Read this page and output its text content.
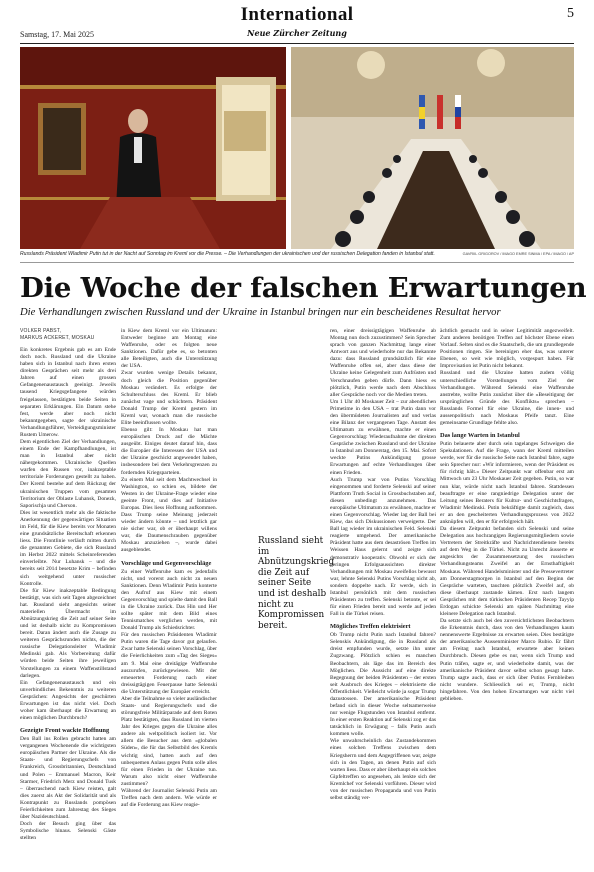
Samstag, 17. Mai 2025
International
Neue Zürcher Zeitung
5
Russlands Präsident Wladimir Putin tut in der Nacht auf Sonntag im Kreml vor die Presse. – Die Verhandlungen der ukrainischen und der russischen Delegation fanden in Istanbul statt.	GAVRIIL GRIGOROV / IMAGO EMRE SINMA / EPA / IMAGO / AP
Die Woche der falschen Erwartungen
Die Verhandlungen zwischen Russland und der Ukraine in Istanbul bringen nur ein bescheidenes Resultat hervor
VOLKER PABST,
MARKUS ACKERET, MOSKAU

Ein konkretes Ergebnis gab es am Ende doch noch. Russland und die Ukraine haben sich in Istanbul nach ihren ersten direkten Gesprächen seit mehr als drei Jahren auf einen grossen Gefangenenaustausch geeinigt. Jeweils tausend Kriegsgefangene würden freigelassen, bestätigten beide Seiten in separaten Erklärungen. Ein Datum stehe fest, werde aber noch nicht bekanntgegeben, sagte der ukrainische Verhandlungsführer, Verteidigungsminister Rustem Umerow.

Dem eigentlichen Ziel der Verhandlungen, einem Ende der Kampfhandlungen, ist man in Istanbul aber nicht nähergekommen. Ukrainische Quellen warfen den Russen vor, inakzeptable territoriale Forderungen gestellt zu haben. Der Kreml bestehe auf dem Rückzug der ukrainischen Truppen vom gesamten Territorium der Oblaste Luhansk, Donezk, Saporischja und Cherson.

Dies ist wesentlich mehr als die faktische Anerkennung der gegenwärtigen Situation im Feld, für die Kiew bereits vor Monaten eine grundsätzliche Bereitschaft erkennen liess. Die Frontlinie verläuft mitten durch die genannten Gebiete, die sich Russland im Herbst 2022 mittels Scheinreferenden einverleibte. Nur Luhansk – und die bereits seit 2014 besetzte Krim – befinden sich weitgehend unter russischer Kontrolle.

Die für Kiew inakzeptable Bedingung bestätigt, was sich seit Tagen abgezeichnet hat. Russland sieht angesichts seiner materiellen Übermacht im Abnützungskrieg die Zeit auf seiner Seite und ist deshalb nicht zu Kompromissen bereit. Daran ändert auch die Zusage zu weiteren Gesprächsrunden nichts, die der russische Delegationsleiter Wladimir Medinski gab. Als Vorbereitung dafür würden beide Seiten ihre jeweiligen Vorstellungen zu einem Waffenstillstand darlegen.

Ein Gefangenenaustausch und ein unverbindliches Bekenntnis zu weiteren Gesprächen: Angesichts der geschürten Erwartungen ist das nicht viel. Doch woher kam überhaupt die Erwartung an einen möglichen Durchbruch?

Gezeigte Front wackte Hoffnung

Den Ball ins Rollen gebracht hatten am vergangenen Wochenende die wichtigsten europäischen Partner der Ukraine. Als die Staats- und Regierungschefs von Frankreich, Grossbritannien, Deutschland und Polen – Emmanuel Macron, Keir Starmer, Friedrich Merz und Donald Tusk – überraschend nach Kiew reisten, galt dies zuerst als Akt der Solidarität und als Kontrapunkt zu Russlands pompösen Feierlichkeiten zum Jahrestag des Sieges über Nazideutschland.

Doch der Besuch ging über das Symbolische hinaus. Selenski Gäste stellten

in Kiew dem Kreml vor ein Ultimatum: Entweder beginne am Montag eine Waffenruhe, oder es folgten neue Sanktionen. Dafür gebe es, so betonten alle Beteiligten, auch die Unterstützung der USA.

Zwar wurden wenige Details bekannt, doch gleich die Position gegenüber Moskau verändert. Es erfolgte der Schulterschluss des Kreml. Er blieb zunächst vage und schüchtern. Präsident Donald Trump der Kreml gestern im Kreml war, wonach man die russische Elite beeinflussen wollte.

Ebenso gilt: In Moskau hat man europäischen Druck auf die Mächte ausgeübt. Einiges deutet darauf hin, dass die Europäer die Interessen der USA und der Ukraine geschickt angewendet haben, insbesondere bei dem Verkehrsgrenzen zu fordernden Kriegsparteien.

Zu einem Mal seit dem Machtwechsel in Washington, so schien es, bildete der Westen in der Ukraine-Frage wieder eine geeinte Front, und dies auf Initiative Europas. Dies liess Hoffnung aufkommen. Dass Trump seine Meinung jederzeit wieder ändern könnte – und letztlich gar nie sicher war, ob er überhaupt willens war, die Daumenschrauben gegenüber Moskau anzuziehen –, wurde dabei ausgeblendet.

Vorschläge und Gegenvorschläge

Zu einer Waffenruhe kam es jedenfalls nicht, und vorerst auch nicht zu neuen Sanktionen. Denn Wladimir Putin konterte den Aufruf aus Kiew mit einem Gegenvorschlag und spielte damit den Ball in die Ukraine zurück. Das Hin und Her sollte später mit dem Bild eines Tennismatches verglichen werden, mit Donald Trump als Schiedsrichter.

Für den russischen Präsidenten Wladimir Putin waren die Tage davor gut gelaufen. Zwar hatte Selenski seinen Vorschlag, über die Feierlichkeiten zum «Tag des Sieges» am 9. Mai eine dreitägige Waffenruhe auszurufen, zurückgewiesen. Mit der erneuerten Forderung nach einer dreissigtägigen Feuerpause hatte Selenski die Unterstützung der Europäer erreicht.

Aber die Teilnahme so vieler ausländischer Staats- und Regierungschefs und die störungsfreie Militärparade auf dem Roten Platz bestätigten, dass Russland im vierten Jahr des Krieges gegen die Ukraine alles andere als weltpolitisch isoliert ist. Vor allem die Besucher aus dem «globalen Süden», die für das Selbstbild des Kremls wichtig sind, hatten auch auf den unbequemen Anlass gegen Putin solle alles für einen Frieden in der Ukraine tun. Warum also nicht einer Waffenruhe zustimmen?

Während der Journalist Selenski Putin am Treffen nach dem andern. Wie würde er auf die Forderung aus Kiew reagie-

Russland sieht im Abnützungskrieg die Zeit auf seiner Seite und ist deshalb nicht zu Kompromissen bereit.

ren, einer dreissigtägigen Waffenruhe ab Montag nun doch zuzustimmen? Sein Sprecher sprach von ganzen Nachmittag lange einer Antwort aus und wiederholte nur das Bekannte dazu: dass Russland grundsätzlich für eine Waffenruhe offen sei, aber dass diese der Ukraine keine Gelegenheit zum Aufrüsten und Verschnaufen geben dürfe. Dann hiess es plötzlich, Putin werde nach dem Abschluss aller Gespräche noch vor die Medien treten.

Um 1 Uhr 40 Moskauer Zeit – zur abendlichen Primetime in den USA – trat Putin dann vor den übermüdeten Journalisten auf und verlas eine Bilanz der vergangenen Tage. Anstatt des Ultimatum zu erwähnen, machte er einen Gegenvorschlag: Wiederaufnahme der direkten Gespräche zwischen Russland und der Ukraine in Istanbul am Donnerstag, den 15. Mai. Sofort weckte Putins Ankündigung grosse Erwartungen auf echte Verhandlungen über einen Frieden.

Auch Trump war von Putins Vorschlag eingenommen und forderte Selenski auf seiner Plattform Truth Social in Grossbuchstaben auf, diesen unbedingt anzunehmen. Das europäische Ultimatum zu erwähnen, machte er einen Gegenvorschlag. Wieder lag der Ball bei Kiew, das sich Diskussionen verweigerte. Der Ball lag wieder im ukrainischen Feld. Selenski reagierte umgehend. Der amerikanische Präsident hatte aus dem desaströsen Treffen im Weissen Haus gelernt und zeigte sich demonstrativ kooperativ. Obwohl er sich der geringen Erfolgsaussichten direkter Verhandlungen mit Moskau zweifellos bewusst war, lehnte Selenski Putins Vorschlag nicht ab, sondern doppelte nach. Er werde, sich in Istanbul persönlich mit dem russischen Präsidenten zu treffen. Selenski betonte, er sei für einen Frieden bereit und werde auf jeden Fall in die Türkei reisen.

Mögliches Treffen elektrisiert

Ob Trump nicht Putin nach Istanbul fahren? Selenskis Ankündigung, die in Russland als dreist empfunden wurde, setzte ihn unter Zugzwang. Plötzlich schien es manchen Beobachtern, als läge das im Bereich des Möglichen. Die Aussicht auf eine direkte Begegnung der beiden Präsidenten – der ersten seit Ausbruch des Krieges – elektrisierte die Öffentlichkeit. Vielleicht würde ja sogar Trump dazustossen. Der amerikanische Präsident befand sich in dieser Woche seltsamerweise nur wenige Flugstunden von Istanbul entfernt. In einer ersten Reaktion auf Selenski zog er das tatsächlich in Erwägung – falls Putin auch kommen wolle.

Wie unwahrscheinlich das Zustandekommen eines solchen Treffens zwischen dem Kriegsherrn und dem Angegriffenen war, zeigte sich in den Tagen, an denen Putin auf sich warten liess. Dass er aber überhaupt ein solches Gipfeltreffen so angesehen, als lenkte sich der Kremlchef vor Selenski vorführen. Dieser wird von der russischen Propaganda und von Putin selbst ständig ver-

ächtlich gemacht und in seiner Legitimität angezweifelt. Zum anderen benötigen Treffen auf höchster Ebene einen Vorlauf. Selten sind es die Staatschefs, die um grundlegende Positionen ringen. Sie bereinigen eher das, was unterer Ebenen, so weit wie möglich, vorgespurt haben. Für Improvisation ist Putin nicht bekannt.

Russland und die Ukraine hatten zudem völlig unterschiedliche Vorstellungen vom Ziel der Verhandlungen. Während Selenski eine Waffenruhe anstrebte, wollte Putin zunächst über die «Beseitigung der ursprünglichen Gründe des Konflikts» sprechen – Russlands Formel für eine Ukraine, die innen- und aussenpolitisch nach Moskaus Pfeife tanzt. Eine gemeinsame Grundlage fehlte also.

Das lange Warten in Istanbul

Putin belauerte aber durch sein tagelanges Schweigen die Spekulationen. Auf die Frage, wann der Kreml mitteilen werde, wer für die russische Seite nach Istanbul fahre, sagte sein Sprecher nur: «Wir informieren, wenn der Präsident es für richtig hält.» Dieser Zeitpunkt war offenbar erst am Mittwoch um 23 Uhr Moskauer Zeit gegeben. Putin, so war nun klar, würde nicht nach Istanbul fahren. Stattdessen beauftragte er eine rangniedrige Delegation unter der Leitung seines Beraters für Kultur- und Geschichtsfragen, Wladimir Medinski. Putin bekräftigte damit zugleich, dass er an den gescheiterten Verhandlungsprozess von 2022 anknüpfen will, den er für erfolgreich hält.

Da diesem Zeitpunkt befanden sich Selenski und seine Delegation aus hochrangigen Regierungsmitgliedern sowie Vertretern der Streitkräfte und Nachrichtendienste bereits auf dem Weg in die Türkei. Nicht zu Unrecht äusserte er angesichts der Zusammensetzung des russischen Verhandlungsteams Zweifel an der Ernsthaftigkeit Moskaus. Während Handelsminister und die Pressevertreter am Donnerstagmorgen in Istanbul auf den Beginn der Gespräche warteten, tauchten plötzlich Zweifel auf, ob diese überhaupt zustande kämen. Erst nach langem Gesprächen mit dem türkischen Präsidenten Recep Tayyip Erdogan schickte Selenski am späten Nachmittag eine kleinere Delegation nach Istanbul.

Da setzte sich auch bei den zuversichtlichsten Beobachtern die Erkenntnis durch, dass von den Verhandlungen kaum nennenswerte Ergebnisse zu erwarten seien. Dies bestätigte der amerikanische Aussenminister Marco Rubio. Er fährt am Freitag nach Istanbul, erwartete aber keinen Durchbruch. Diesen gebe es nur, wenn sich Trump und Putin träfen, sagte er, und wiederholte damit, was der amerikanische Präsident davor selbst schon gesagt hatte. Trump sagte auch, dass er sich über Putins Fernbleiben nicht wundere. Schliesslich sei er, Trump, nicht hingefahren. Von den hohen Erwartungen war nicht viel geblieben.
